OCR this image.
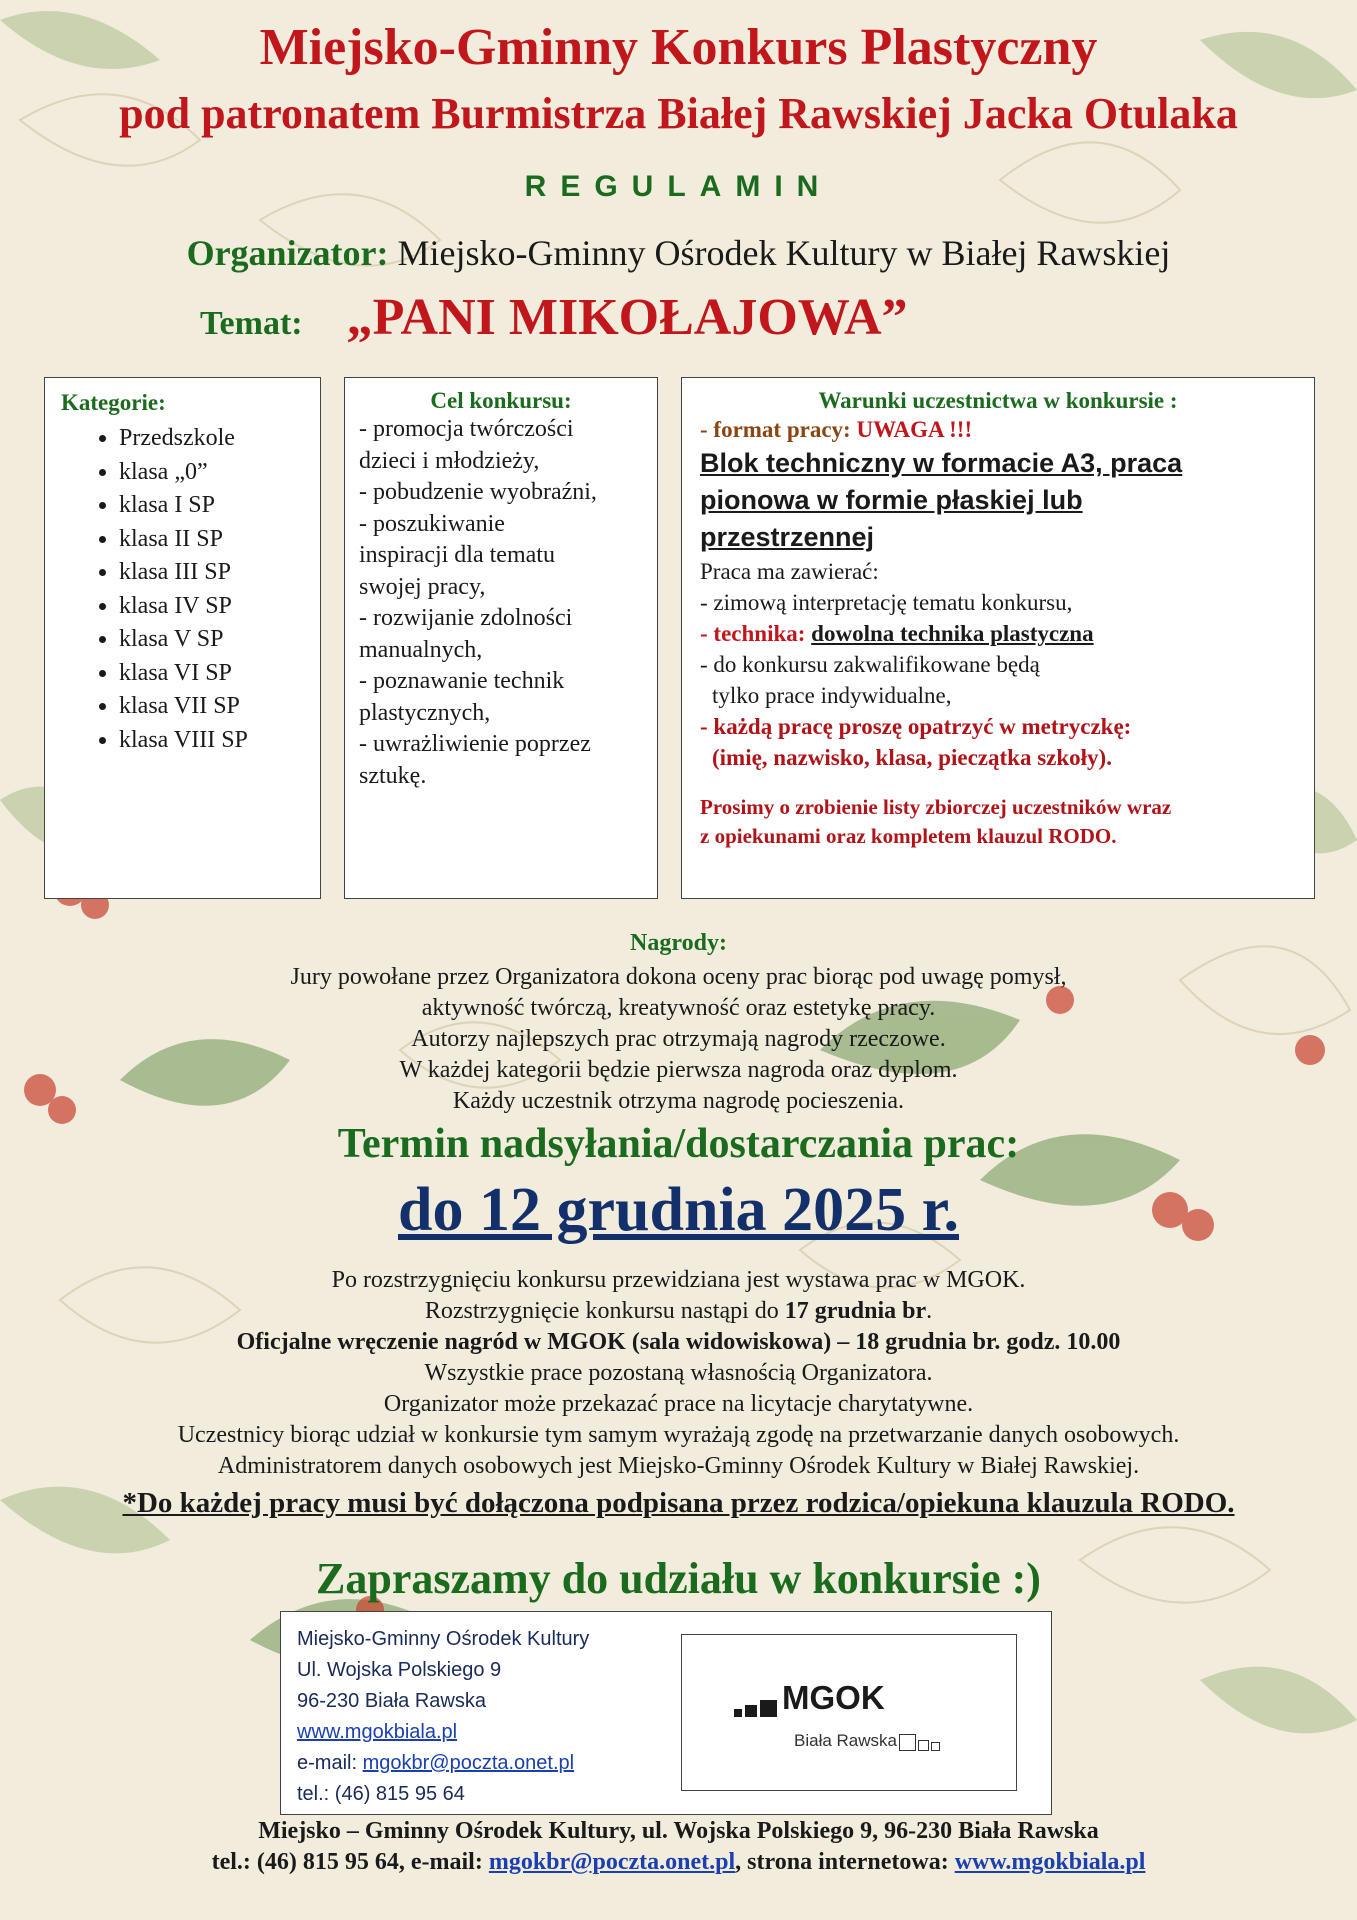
Miejsko-Gminny Konkurs Plastyczny
pod patronatem Burmistrza Białej Rawskiej Jacka Otulaka
REGULAMIN
Organizator: Miejsko-Gminny Ośrodek Kultury w Białej Rawskiej
Temat: „PANI MIKOŁAJOWA”
Kategorie:
• Przedszkole
• klasa „0”
• klasa I SP
• klasa II SP
• klasa III SP
• klasa IV SP
• klasa V SP
• klasa VI SP
• klasa VII SP
• klasa VIII SP
Cel konkursu:
- promocja twórczości
dzieci i młodzieży,
- pobudzenie wyobraźni,
- poszukiwanie
inspiracji dla tematu
swojej pracy,
- rozwijanie zdolności
manualnych,
- poznawanie technik
plastycznych,
- uwrażliwienie poprzez
sztukę.
Warunki uczestnictwa w konkursie :
- format pracy: UWAGA !!!
Blok techniczny w formacie A3, praca
pionowa w formie płaskiej lub
przestrzennej
Praca ma zawierać:
- zimową interpretację tematu konkursu,
- technika: dowolna technika plastyczna
- do konkursu zakwalifikowane będą
tylko prace indywidualne,
- każdą pracę proszę opatrzyć w metryczkę:
(imię, nazwisko, klasa, pieczątka szkoły).
Prosimy o zrobienie listy zbiorczej uczestników wraz
z opiekunami oraz kompletem klauzul RODO.
Nagrody:
Jury powołane przez Organizatora dokona oceny prac biorąc pod uwagę pomysł,
aktywność twórczą, kreatywność oraz estetykę pracy.
Autorzy najlepszych prac otrzymają nagrody rzeczowe.
W każdej kategorii będzie pierwsza nagroda oraz dyplom.
Każdy uczestnik otrzyma nagrodę pocieszenia.
Termin nadsyłania/dostarczania prac:
do 12 grudnia 2025 r.
Po rozstrzygnięciu konkursu przewidziana jest wystawa prac w MGOK.
Rozstrzygnięcie konkursu nastąpi do 17 grudnia br.
Oficjalne wręczenie nagród w MGOK (sala widowiskowa) – 18 grudnia br. godz. 10.00
Wszystkie prace pozostaną własnością Organizatora.
Organizator może przekazać prace na licytacje charytatywne.
Uczestnicy biorąc udział w konkursie tym samym wyrażają zgodę na przetwarzanie danych osobowych.
Administratorem danych osobowych jest Miejsko-Gminny Ośrodek Kultury w Białej Rawskiej.
*Do każdej pracy musi być dołączona podpisana przez rodzica/opiekuna klauzula RODO.
Zapraszamy do udziału w konkursie :)
Miejsko-Gminny Ośrodek Kultury
Ul. Wojska Polskiego 9
96-230 Biała Rawska
www.mgokbiala.pl
e-mail: mgokbr@poczta.onet.pl
tel.: (46) 815 95 64
MGOK
Biała Rawska
Miejsko – Gminny Ośrodek Kultury, ul. Wojska Polskiego 9, 96-230 Biała Rawska
tel.: (46) 815 95 64, e-mail: mgokbr@poczta.onet.pl, strona internetowa: www.mgokbiala.pl
